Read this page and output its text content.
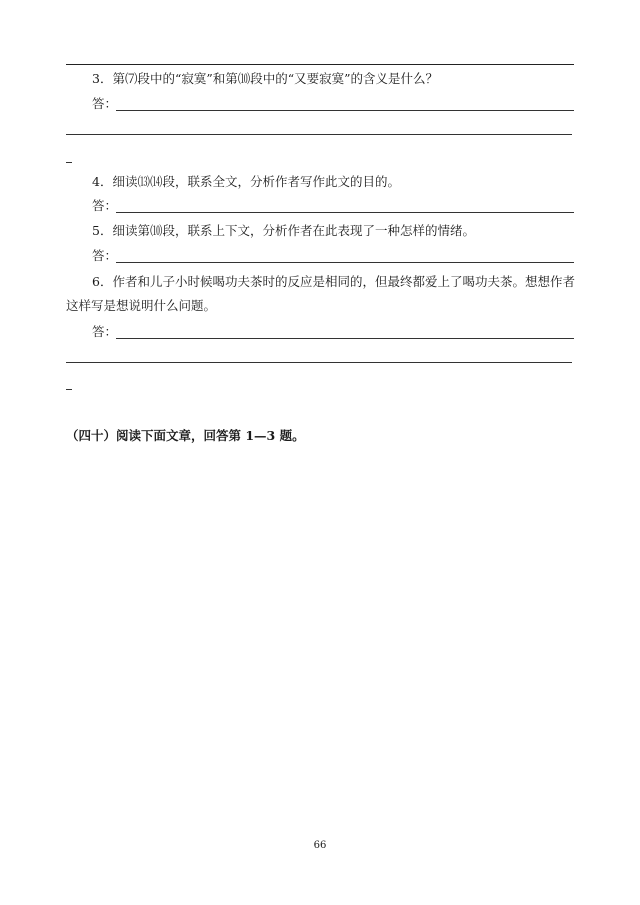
3．第⑺段中的“寂寞”和第⑽段中的“又要寂寞”的含义是什么？
答：
4．细读⒀⒁段，联系全文，分析作者写作此文的目的。
答：
5．细读第⑽段，联系上下文，分析作者在此表现了一种怎样的情绪。
答：
6．作者和儿子小时候喝功夫茶时的反应是相同的，但最终都爱上了喝功夫茶。想想作者
这样写是想说明什么问题。
答：
（四十）阅读下面文章，回答第 1—3 题。
66
